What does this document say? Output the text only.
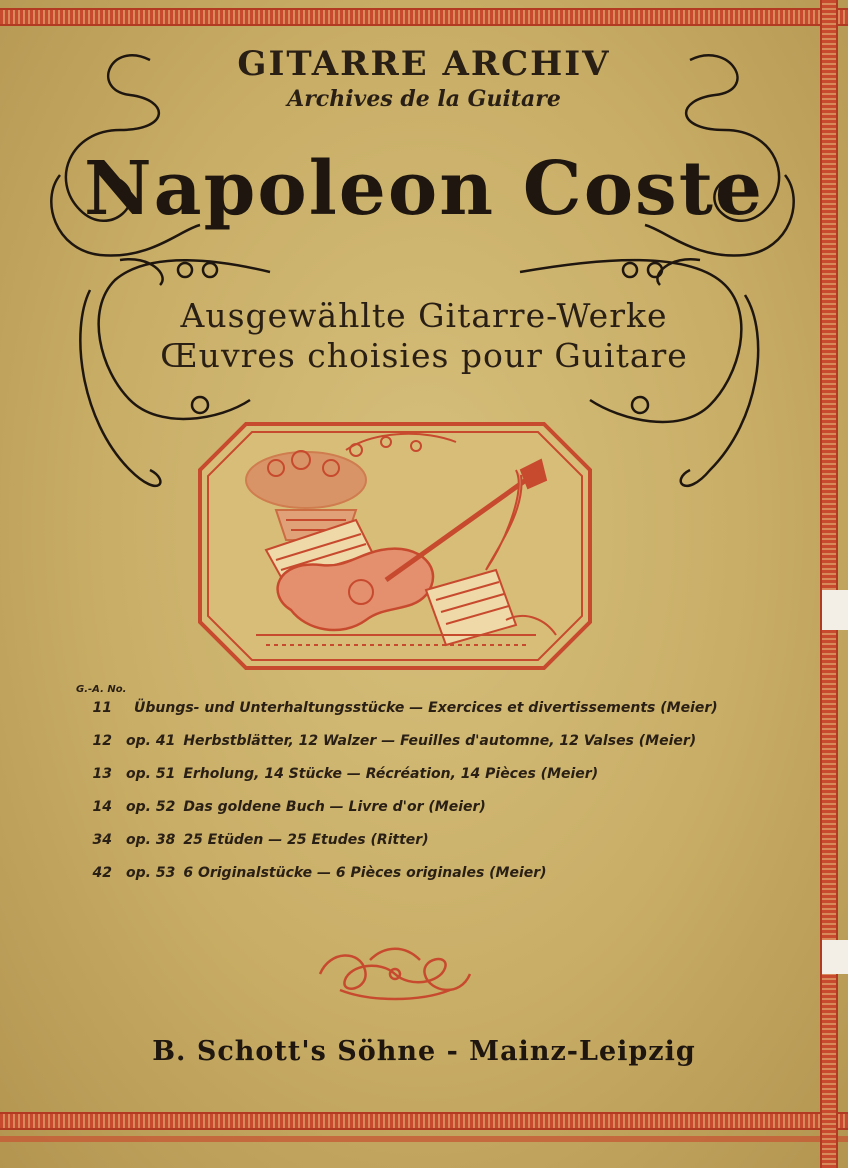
GITARRE ARCHIV
Archives de la Guitare
Napoleon Coste
Ausgewählte Gitarre-Werke
Œuvres choisies pour Guitare
G.-A. No.
11 Übungs- und Unterhaltungsstücke — Exercices et divertissements (Meier)
12 op. 41 Herbstblätter, 12 Walzer — Feuilles d'automne, 12 Valses (Meier)
13 op. 51 Erholung, 14 Stücke — Récréation, 14 Pièces (Meier)
14 op. 52 Das goldene Buch — Livre d'or (Meier)
34 op. 38 25 Etüden — 25 Etudes (Ritter)
42 op. 53 6 Originalstücke — 6 Pièces originales (Meier)
B. Schott's Söhne - Mainz-Leipzig
